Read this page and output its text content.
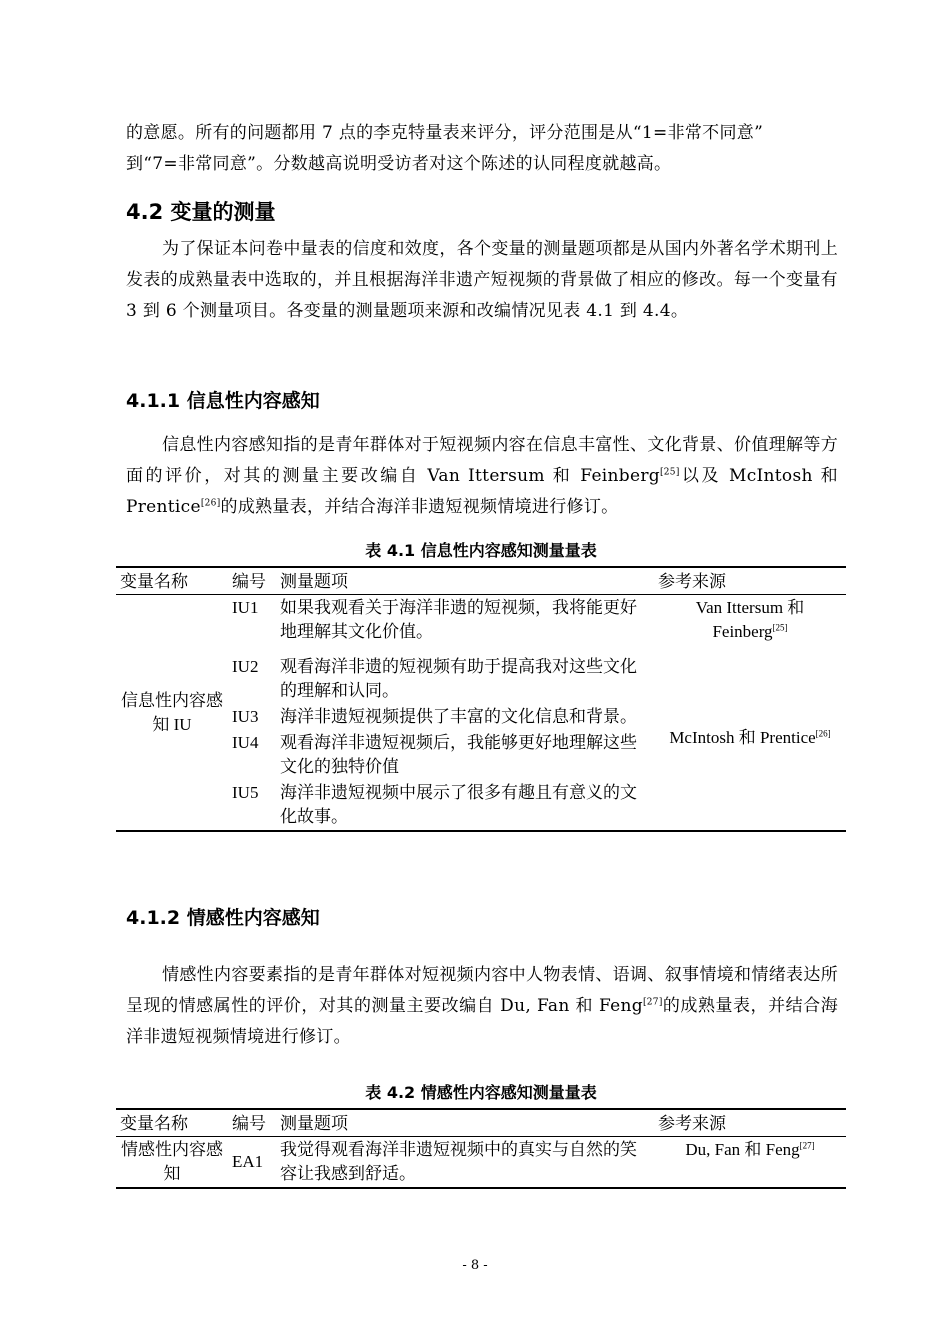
的意愿。所有的问题都用 7 点的李克特量表来评分，评分范围是从“1=非常不同意”

到“7=非常同意”。分数越高说明受访者对这个陈述的认同程度就越高。

4.2 变量的测量

为了保证本问卷中量表的信度和效度，各个变量的测量题项都是从国内外著名学术期刊上发表的成熟量表中选取的，并且根据海洋非遗产短视频的背景做了相应的修改。每一个变量有 3 到 6 个测量项目。各变量的测量题项来源和改编情况见表 4.1 到 4.4。

4.1.1 信息性内容感知

信息性内容感知指的是青年群体对于短视频内容在信息丰富性、文化背景、价值理解等方面的评价，对其的测量主要改编自 Van Ittersum 和 Feinberg[25]以及 McIntosh 和 Prentice[26]的成熟量表，并结合海洋非遗短视频情境进行修订。

表 4.1 信息性内容感知测量量表
变量名称	编号	测量题项	参考来源
信息性内容感知 IU	IU1	如果我观看关于海洋非遗的短视频，我将能更好地理解其文化价值。	Van Ittersum 和 Feinberg[25]
	IU2	观看海洋非遗的短视频有助于提高我对这些文化的理解和认同。	McIntosh 和 Prentice[26]
	IU3	海洋非遗短视频提供了丰富的文化信息和背景。	
	IU4	观看海洋非遗短视频后，我能够更好地理解这些文化的独特价值	
	IU5	海洋非遗短视频中展示了很多有趣且有意义的文化故事。	
4.1.2 情感性内容感知

情感性内容要素指的是青年群体对短视频内容中人物表情、语调、叙事情境和情绪表达所呈现的情感属性的评价，对其的测量主要改编自 Du, Fan 和 Feng[27]的成熟量表，并结合海洋非遗短视频情境进行修订。

表 4.2 情感性内容感知测量量表
变量名称	编号	测量题项	参考来源
情感性内容感知	EA1	我觉得观看海洋非遗短视频中的真实与自然的笑容让我感到舒适。	Du, Fan 和 Feng[27]
- 8 -
